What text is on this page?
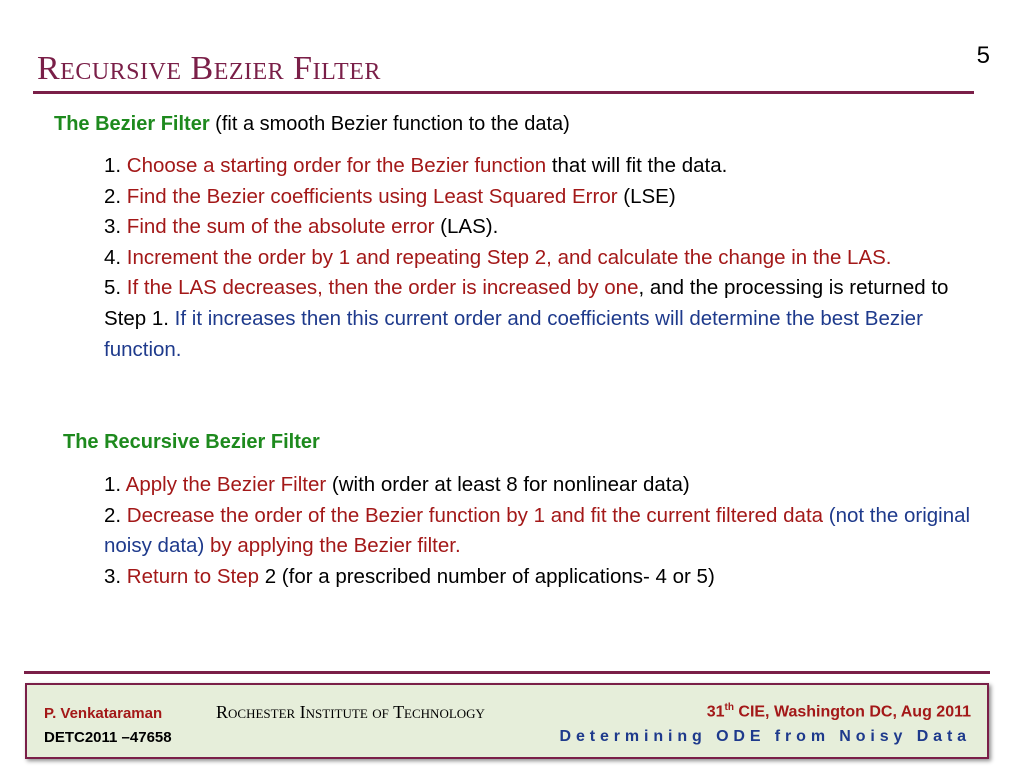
5
Recursive Bezier Filter
The Bezier Filter (fit a smooth Bezier function to the data)

1. Choose a starting order for the Bezier function that will fit the data.

2. Find the Bezier coefficients using Least Squared Error (LSE)

3. Find the sum of the absolute error (LAS).

4. Increment the order by 1 and repeating Step 2, and calculate the change in the LAS.

5. If the LAS decreases, then the order is increased by one, and the processing is returned to Step 1. If it increases then this current order and coefficients will determine the best Bezier function.

The Recursive Bezier Filter

1. Apply the Bezier Filter (with order at least 8 for nonlinear data)

2. Decrease the order of the Bezier function by 1 and fit the current filtered data (not the original noisy data) by applying the Bezier filter.

3. Return to Step 2 (for a prescribed number of applications- 4 or 5)

P. Venkataraman	Rochester Institute of Technology	31th CIE, Washington DC, Aug 2011
DETC2011 –47658	Determining ODE from Noisy Data
